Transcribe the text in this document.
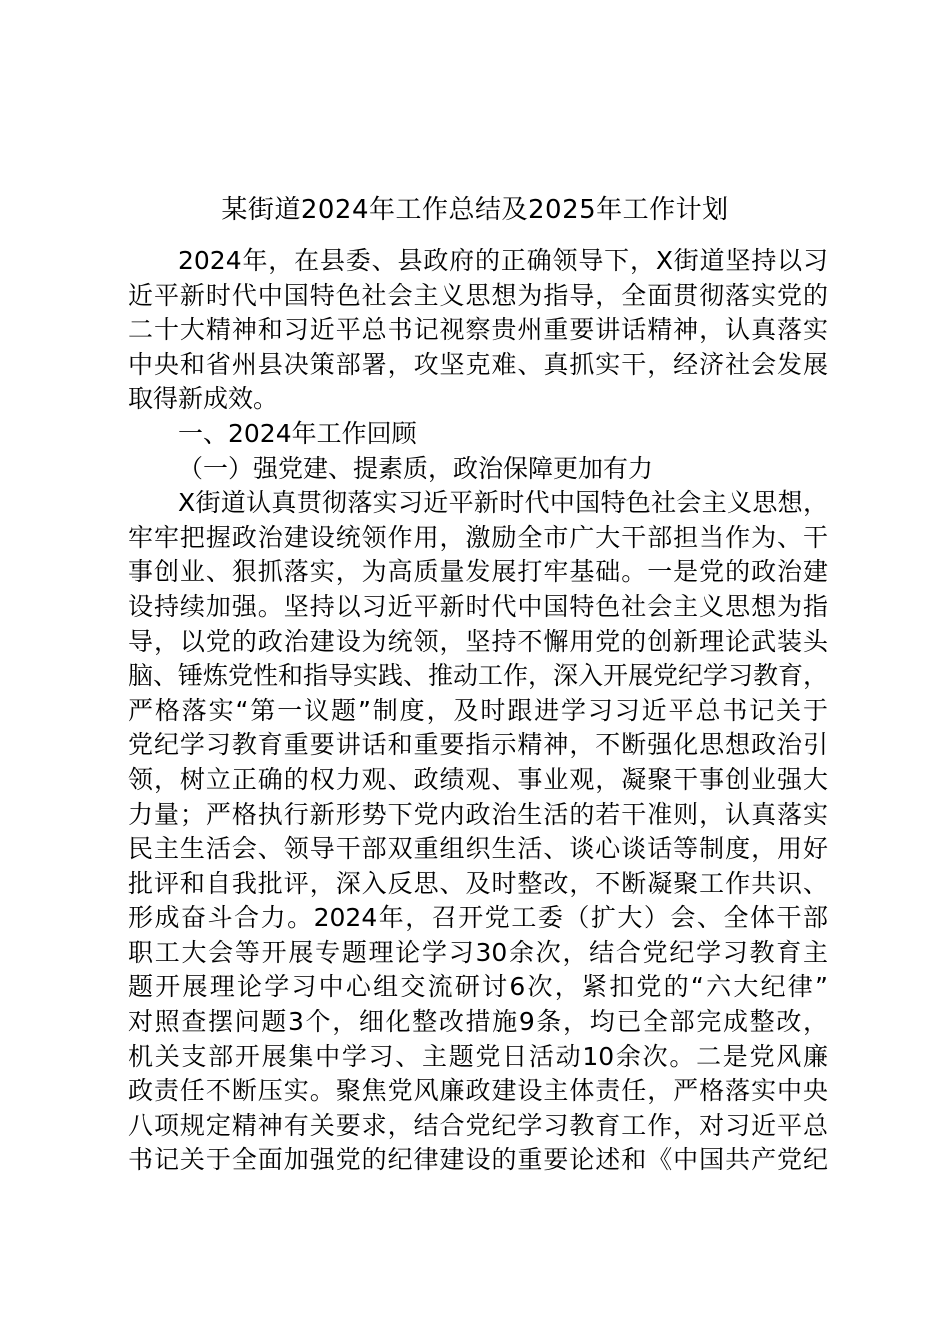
某街道2024年工作总结及2025年工作计划
2024年，在县委、县政府的正确领导下，X街道坚持以习
近平新时代中国特色社会主义思想为指导，全面贯彻落实党的
二十大精神和习近平总书记视察贵州重要讲话精神，认真落实
中央和省州县决策部署，攻坚克难、真抓实干，经济社会发展
取得新成效。
一、2024年工作回顾
（一）强党建、提素质，政治保障更加有力
X街道认真贯彻落实习近平新时代中国特色社会主义思想，
牢牢把握政治建设统领作用，激励全市广大干部担当作为、干
事创业、狠抓落实，为高质量发展打牢基础。一是党的政治建
设持续加强。坚持以习近平新时代中国特色社会主义思想为指
导，以党的政治建设为统领，坚持不懈用党的创新理论武装头
脑、锤炼党性和指导实践、推动工作，深入开展党纪学习教育，
严格落实“第一议题”制度，及时跟进学习习近平总书记关于
党纪学习教育重要讲话和重要指示精神，不断强化思想政治引
领，树立正确的权力观、政绩观、事业观，凝聚干事创业强大
力量；严格执行新形势下党内政治生活的若干准则，认真落实
民主生活会、领导干部双重组织生活、谈心谈话等制度，用好
批评和自我批评，深入反思、及时整改，不断凝聚工作共识、
形成奋斗合力。2024年，召开党工委（扩大）会、全体干部
职工大会等开展专题理论学习30余次，结合党纪学习教育主
题开展理论学习中心组交流研讨6次，紧扣党的“六大纪律”
对照查摆问题3个，细化整改措施9条，均已全部完成整改，
机关支部开展集中学习、主题党日活动10余次。二是党风廉
政责任不断压实。聚焦党风廉政建设主体责任，严格落实中央
八项规定精神有关要求，结合党纪学习教育工作，对习近平总
书记关于全面加强党的纪律建设的重要论述和《中国共产党纪
